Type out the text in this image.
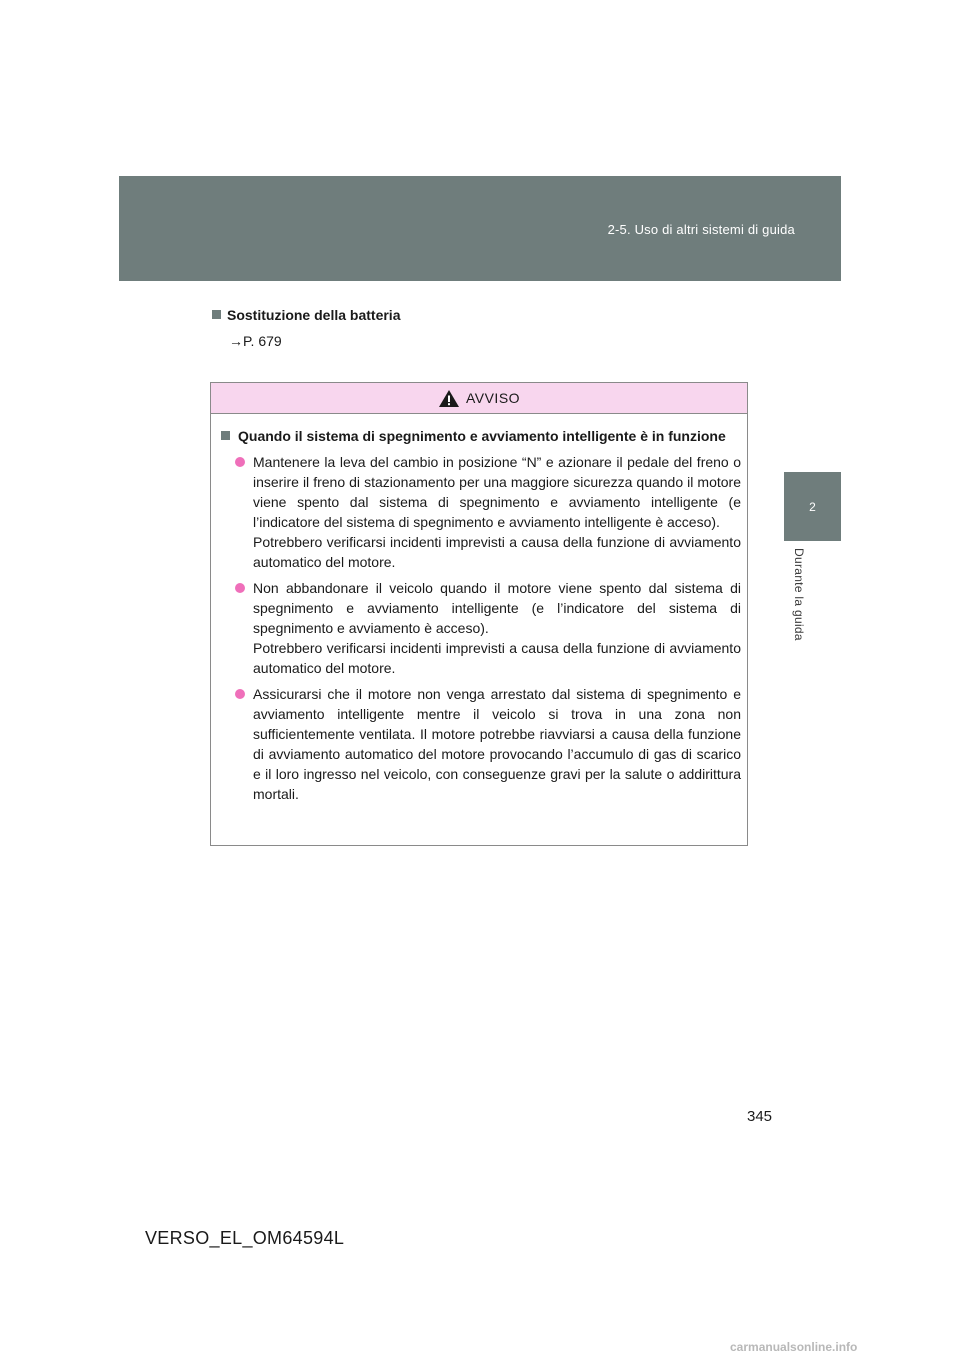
2-5. Uso di altri sistemi di guida
2
Durante la guida
Sostituzione della batteria
→P. 679
AVVISO
Quando il sistema di spegnimento e avviamento intelligente è in funzione

Mantenere la leva del cambio in posizione “N” e azionare il pedale del freno o inserire il freno di stazionamento per una maggiore sicurezza quando il motore viene spento dal sistema di spegnimento e avviamento intelligente (e l’indicatore del sistema di spegnimento e avviamento intelligente è acceso).

Potrebbero verificarsi incidenti imprevisti a causa della funzione di avviamento automatico del motore.

Non abbandonare il veicolo quando il motore viene spento dal sistema di spegnimento e avviamento intelligente (e l’indicatore del sistema di spegnimento e avviamento è acceso).

Potrebbero verificarsi incidenti imprevisti a causa della funzione di avviamento automatico del motore.

Assicurarsi che il motore non venga arrestato dal sistema di spegnimento e avviamento intelligente mentre il veicolo si trova in una zona non sufficientemente ventilata. Il motore potrebbe riavviarsi a causa della funzione di avviamento automatico del motore provocando l’accumulo di gas di scarico e il loro ingresso nel veicolo, con conseguenze gravi per la salute o addirittura mortali.

345
VERSO_EL_OM64594L
carmanualsonline.info
